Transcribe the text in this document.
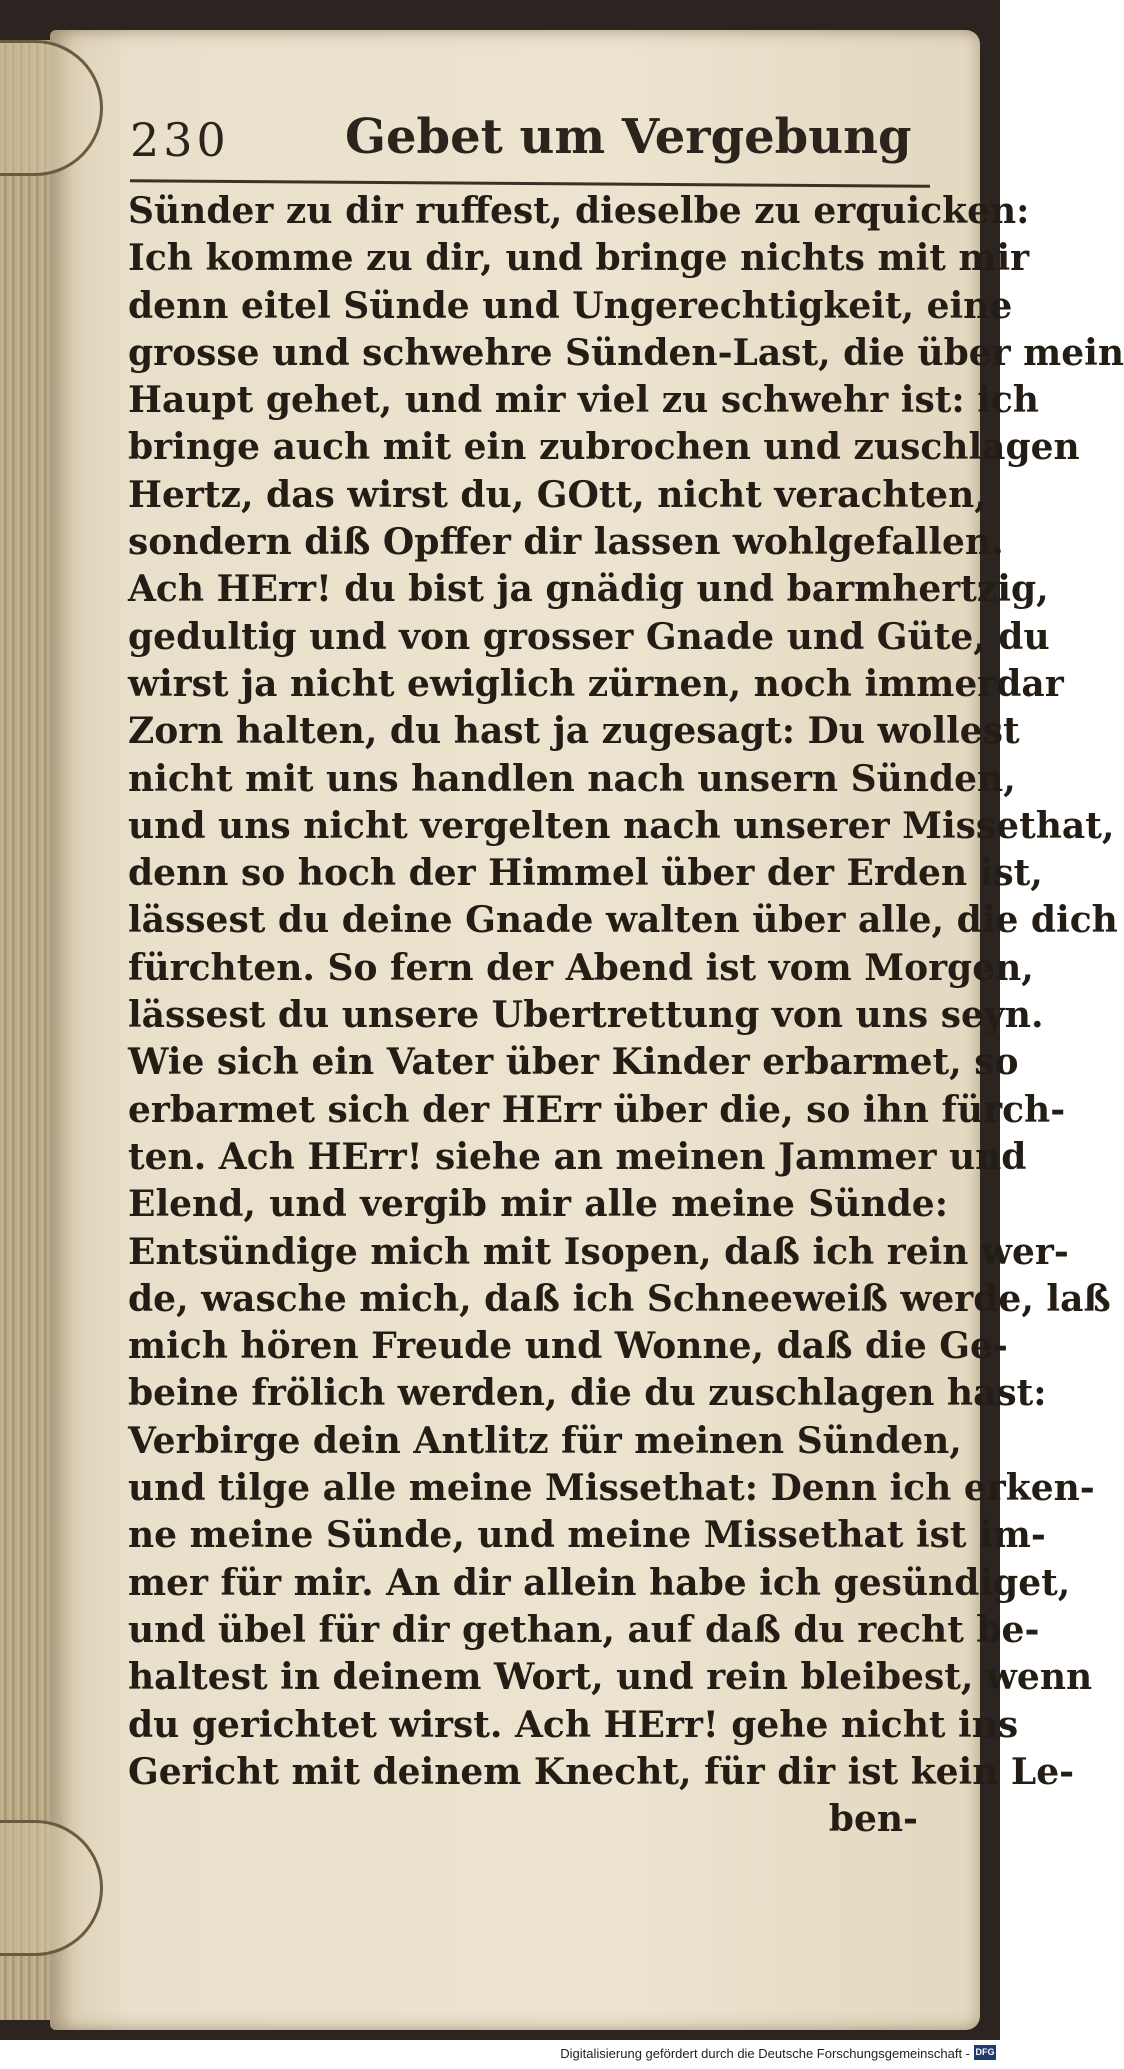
230 Gebet um Vergebung
Sünder zu dir ruffest, dieselbe zu erquicken:
Ich komme zu dir, und bringe nichts mit mir
denn eitel Sünde und Ungerechtigkeit, eine
grosse und schwehre Sünden-Last, die über mein
Haupt gehet, und mir viel zu schwehr ist: ich
bringe auch mit ein zubrochen und zuschlagen
Hertz, das wirst du, GOtt, nicht verachten,
sondern diß Opffer dir lassen wohlgefallen.
Ach HErr! du bist ja gnädig und barmhertzig,
gedultig und von grosser Gnade und Güte, du
wirst ja nicht ewiglich zürnen, noch immerdar
Zorn halten, du hast ja zugesagt: Du wollest
nicht mit uns handlen nach unsern Sünden,
und uns nicht vergelten nach unserer Missethat,
denn so hoch der Himmel über der Erden ist,
lässest du deine Gnade walten über alle, die dich
fürchten. So fern der Abend ist vom Morgen,
lässest du unsere Ubertrettung von uns seyn.
Wie sich ein Vater über Kinder erbarmet, so
erbarmet sich der HErr über die, so ihn fürch-
ten. Ach HErr! siehe an meinen Jammer und
Elend, und vergib mir alle meine Sünde:
Entsündige mich mit Isopen, daß ich rein wer-
de, wasche mich, daß ich Schneeweiß werde, laß
mich hören Freude und Wonne, daß die Ge-
beine frölich werden, die du zuschlagen hast:
Verbirge dein Antlitz für meinen Sünden,
und tilge alle meine Missethat: Denn ich erken-
ne meine Sünde, und meine Missethat ist im-
mer für mir. An dir allein habe ich gesündiget,
und übel für dir gethan, auf daß du recht be-
haltest in deinem Wort, und rein bleibest, wenn
du gerichtet wirst. Ach HErr! gehe nicht ins
Gericht mit deinem Knecht, für dir ist kein Le-
ben-
Digitalisierung gefördert durch die Deutsche Forschungsgemeinschaft - DFG
